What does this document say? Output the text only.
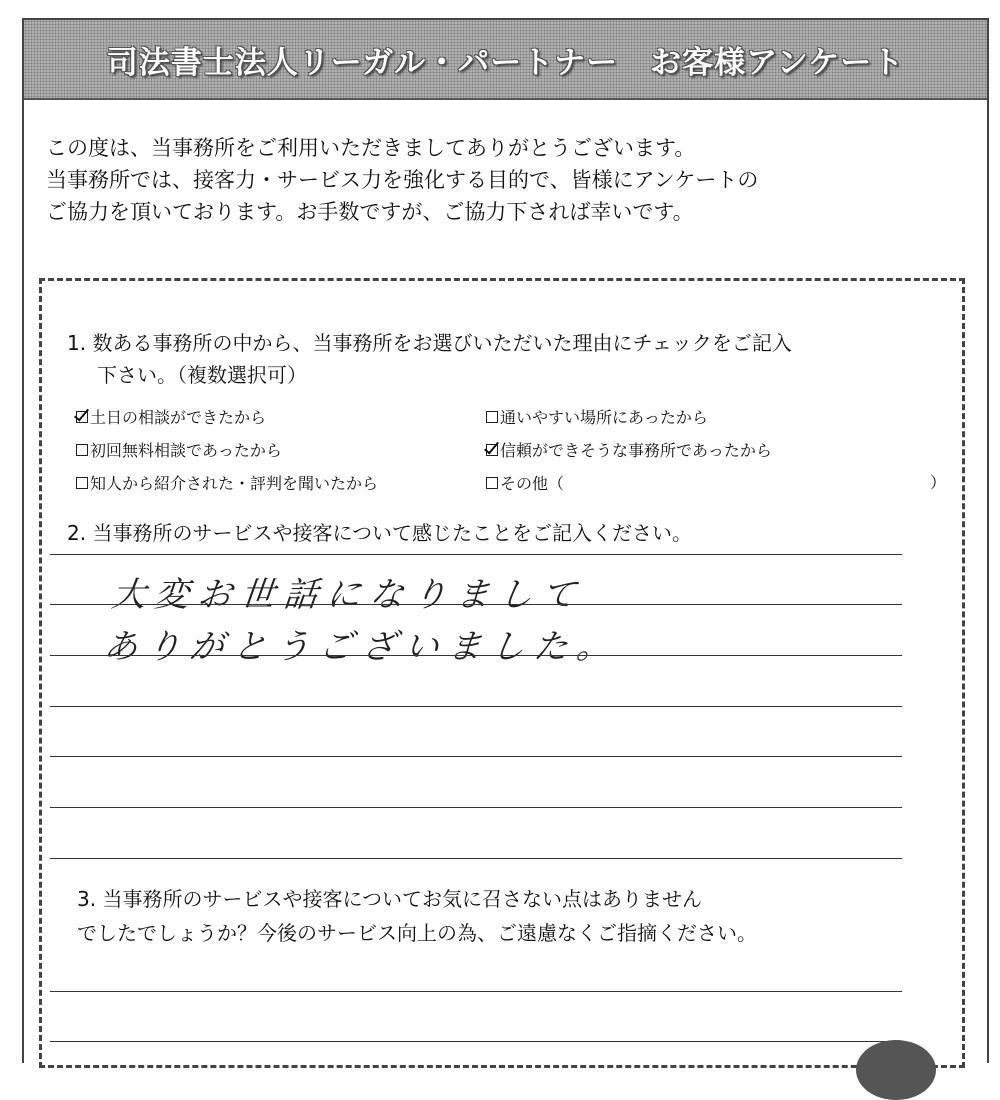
司法書士法人リーガル・パートナー　お客様アンケート
この度は、当事務所をご利用いただきましてありがとうございます。
当事務所では、接客力・サービス力を強化する目的で、皆様にアンケートの
ご協力を頂いております。お手数ですが、ご協力下されば幸いです。
1. 数ある事務所の中から、当事務所をお選びいただいた理由にチェックをご記入
下さい。（複数選択可）
土日の相談ができたから	通いやすい場所にあったから
初回無料相談であったから	信頼ができそうな事務所であったから
知人から紹介された・評判を聞いたから	その他（	）
2. 当事務所のサービスや接客について感じたことをご記入ください。
大変お世話になりまして
ありがとうございました。
3. 当事務所のサービスや接客についてお気に召さない点はありません
でしたでしょうか？今後のサービス向上の為、ご遠慮なくご指摘ください。
